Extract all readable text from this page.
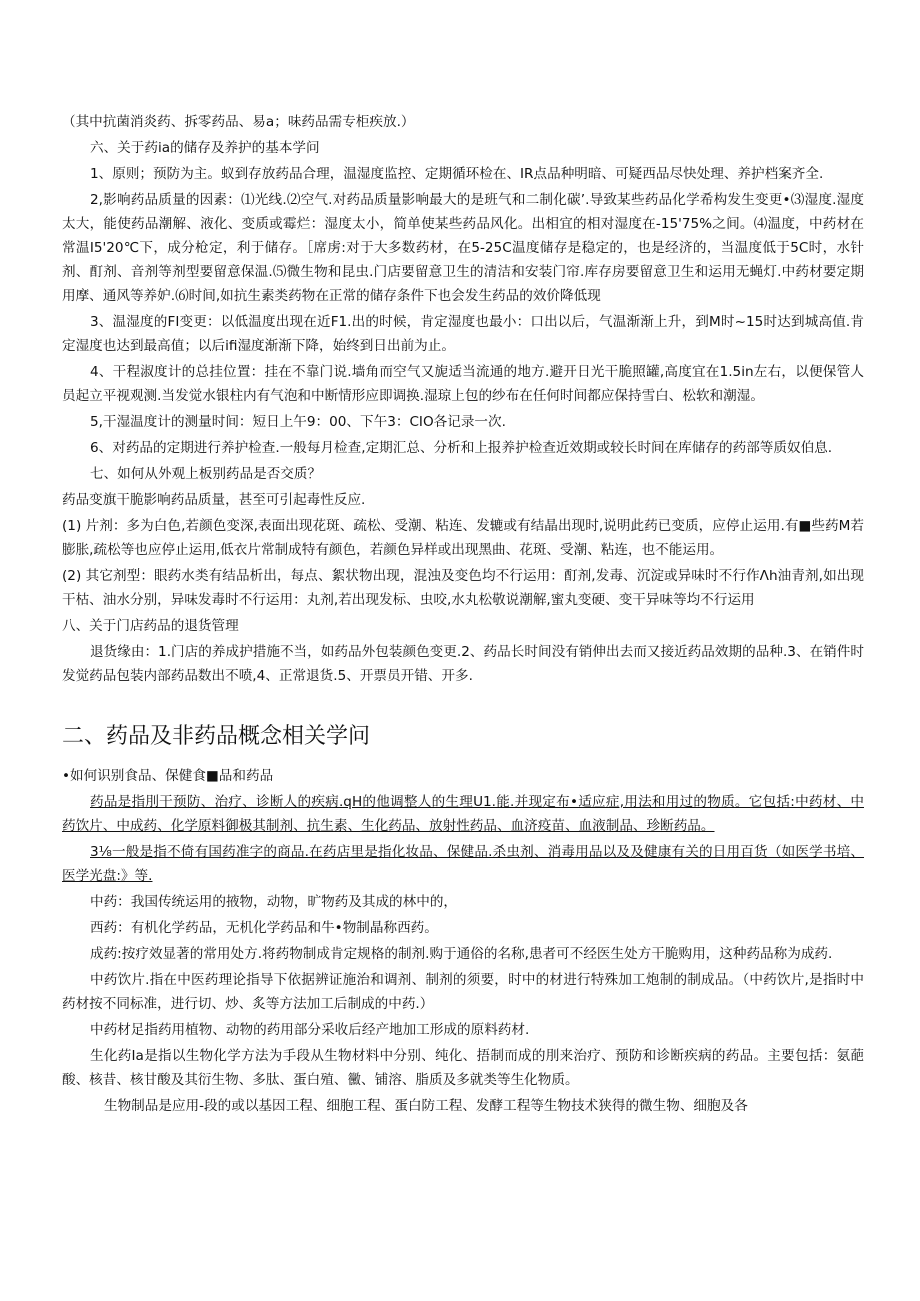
（其中抗菌消炎药、拆零药品、易a；味药品需专柜疾放.）
六、关于药ia的储存及养护的基本学问
1、原则；预防为主。蚁到存放药品合理，温湿度监控、定期循环检在、IR点品种明暗、可疑西品尽快处理、养护档案齐全.
2,影响药品质量的因素：⑴光线.⑵空气.对药品质量影响最大的是班气和二制化碳’.导致某些药品化学希构发生变更•⑶湿度.湿度太大，能使药品潮解、液化、变质或霉烂：湿度太小，简单使某些药品风化。出相宜的相对湿度在-15'75%之间。⑷温度，中药材在常温I5'20℃下，成分枪定，利于储存。［席虏:对于大多数药材，在5-25C温度储存是稳定的，也是经济的，当温度低于5C时，水针剂、酊剂、音剂等剂型要留意保温.⑸微生物和昆虫.门店要留意卫生的清洁和安装门帘.库存房要留意卫生和运用无蝇灯.中药材要定期用摩、通风等养妒.⑹时间,如抗生素类药物在正常的储存条件下也会发生药品的效价降低现
3、温湿度的FI变更：以低温度出现在近F1.出的时候，肯定湿度也最小：口出以后，气温渐渐上升，到M时~15时达到城高值.肯定湿度也达到最高值；以后ifi湿度渐渐下降，始终到日出前为止。
4、干程淑度计的总挂位置：挂在不靠门说.墙角而空气又旎适当流通的地方.避开日光干脆照罐,高度宜在1.5in左右，以便保管人员起立平视观测.当发觉水银柱内有气泡和中断情形应即调换.湿琼上包的纱布在任何时间都应保持雪白、松软和潮湿。
5,干湿温度计的测量时间：短日上午9：00、下午3：CIO各记录一次.
6、对药品的定期进行养护检查.一般每月检查,定期汇总、分析和上报养护检查近效期或较长时间在库储存的药部等质奴伯息.
七、如何从外观上板别药品是否交质？
药品变旗干脆影响药品质量，甚至可引起毒性反应.
(1) 片剂：多为白色,若颜色变深,表面出现花斑、疏松、受潮、粘连、发辘或有结晶出现时,说明此药已变质，应停止运用.有■些药M若膨胀,疏松等也应停止运用,低衣片常制成特有颜色，若颜色异样或出现黑曲、花斑、受潮、粘连，也不能运用。
(2) 其它剂型：眼药水类有结品析出，每点、絮状物出现，混浊及变色均不行运用：酊剂,发毒、沉淀或异味时不行作Λh油青剂,如出现干枯、油水分别，异味发毒时不行运用：丸剂,若出现发标、虫咬,水丸松敬说潮解,蜜丸变硬、变干异味等均不行运用
八、关于门店药品的退货管理
退货缘由：1.门店的养成护措施不当，如药品外包装颜色变更.2、药品长时间没有销伸出去而又接近药品效期的品种.3、在销件时发觉药品包装内部药品数出不喷,4、正常退货.5、开票员开错、开多.
二、药品及非药品概念相关学问
•如何识别食品、保健食■品和药品
药品是指刖干预防、治疗、诊断人的疾病.qH的他调整人的生理U1.能.并现定布•适应症,用法和用过的物质。它包括:中药材、中药饮片、中成药、化学原料御极其制剂、抗生素、生化药品、放射性药品、血济疫苗、血液制品、珍断药品。
3⅛一般是指不倚有国药准字的商品.在药店里是指化妆品、保健品.杀虫剂、消毒用品以及及健康有关的日用百货（如医学书培、医学光盘:》等.
中药：我国传统运用的掖物，动物，旷物药及其成的林中的，
西药：有机化学药品，无机化学药品和牛•物制晶称西药。
成药:按疗效显著的常用处方.将药物制成肯定规格的制剂.购于通俗的名称,患者可不经医生处方干脆购用，这种药品称为成药.
中药饮片.指在中医药理论指导下依据辨证施治和调剂、制剂的须要，时中的材进行特殊加工炮制的制成品。（中药饮片,是指时中药材按不同标准，进行切、炒、炙等方法加工后制成的中药.）
中药材足指药用植物、动物的药用部分采收后经产地加工形成的原料药材.
生化药Ia是指以生物化学方法为手段从生物材料中分别、纯化、捂制而成的刖来治疗、预防和诊断疾病的药品。主要包括：氨葩酸、核昔、核甘酸及其衍生物、多肽、蛋白殖、黴、铺溶、脂质及多就类等生化物质。
生物制品是应用-段的或以基因工程、细胞工程、蛋白防工程、发酵工程等生物技术狭得的微生物、细胞及各
